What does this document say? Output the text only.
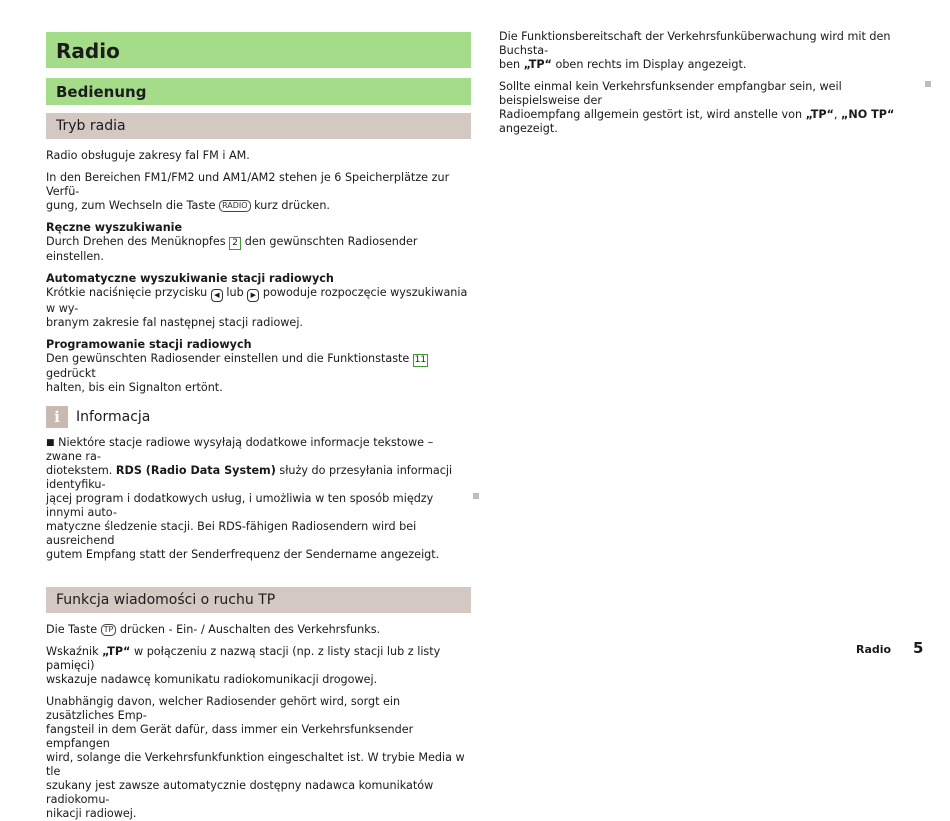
Radio
Bedienung
Tryb radia

Radio obsługuje zakresy fal FM i AM.

In den Bereichen FM1/FM2 und AM1/AM2 stehen je 6 Speicherplätze zur Verfü-
gung, zum Wechseln die Taste RADIO kurz drücken.

Ręczne wyszukiwanie
Durch Drehen des Menüknopfes 2 den gewünschten Radiosender einstellen.

Automatyczne wyszukiwanie stacji radiowych
Krótkie naciśnięcie przycisku ◀ lub ▶ powoduje rozpoczęcie wyszukiwania w wy-
branym zakresie fal następnej stacji radiowej.

Programowanie stacji radiowych
Den gewünschten Radiosender einstellen und die Funktionstaste 11 gedrückt
halten, bis ein Signalton ertönt.

i	Informacja

■ Niektóre stacje radiowe wysyłają dodatkowe informacje tekstowe – zwane ra-
diotekstem. RDS (Radio Data System) służy do przesyłania informacji identyfiku-
jącej program i dodatkowych usług, i umożliwia w ten sposób między innymi auto-
matyczne śledzenie stacji. Bei RDS-fähigen Radiosendern wird bei ausreichend
gutem Empfang statt der Senderfrequenz der Sendername angezeigt.

Funkcja wiadomości o ruchu TP

Die Taste TP drücken - Ein- / Auschalten des Verkehrsfunks.

Wskaźnik „TP“ w połączeniu z nazwą stacji (np. z listy stacji lub z listy pamięci)
wskazuje nadawcę komunikatu radiokomunikacji drogowej.

Unabhängig davon, welcher Radiosender gehört wird, sorgt ein zusätzliches Emp-
fangsteil in dem Gerät dafür, dass immer ein Verkehrsfunksender empfangen
wird, solange die Verkehrsfunkfunktion eingeschaltet ist. W trybie Media w tle
szukany jest zawsze automatycznie dostępny nadawca komunikatów radiokomu-
nikacji radiowej.

Die Funktionsbereitschaft der Verkehrsfunküberwachung wird mit den Buchsta-
ben „TP“ oben rechts im Display angezeigt.

Sollte einmal kein Verkehrsfunksender empfangbar sein, weil beispielsweise der
Radioempfang allgemein gestört ist, wird anstelle von „TP“, „NO TP“ angezeigt.

Radio 5
